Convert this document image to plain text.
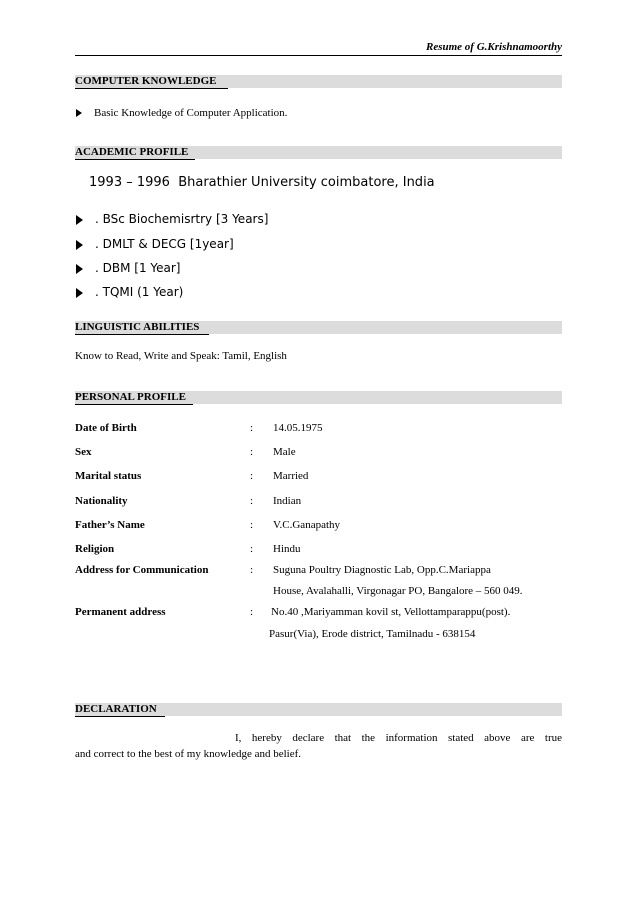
Resume of G.Krishnamoorthy
COMPUTER KNOWLEDGE
Basic Knowledge of Computer Application.
ACADEMIC PROFILE
1993 – 1996 Bharathier University coimbatore, India
. BSc Biochemisrtry [3 Years]
. DMLT & DECG [1year]
. DBM [1 Year]
. TQMI (1 Year)
LINGUISTIC ABILITIES
Know to Read, Write and Speak: Tamil, English
PERSONAL PROFILE
Date of Birth	: 14.05.1975
Sex	: Male
Marital status	: Married
Nationality	: Indian
Father’s Name	: V.C.Ganapathy
Religion	: Hindu
Address for Communication	: Suguna Poultry Diagnostic Lab, Opp.C.Mariappa
House, Avalahalli, Virgonagar PO, Bangalore – 560 049.
Permanent address	: No.40 ,Mariyamman kovil st, Vellottamparappu(post).
Pasur(Via), Erode district, Tamilnadu - 638154
DECLARATION
I, hereby declare that the information stated above are true
and correct to the best of my knowledge and belief.
